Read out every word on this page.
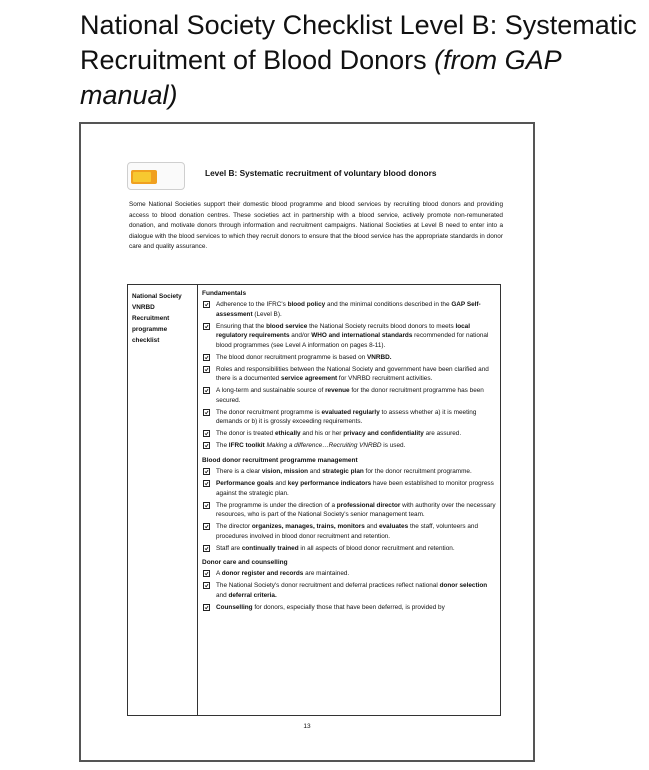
National Society Checklist Level B: Systematic Recruitment of Blood Donors (from GAP manual)
Level B: Systematic recruitment of voluntary blood donors
Some National Societies support their domestic blood programme and blood services by recruiting blood donors and providing access to blood donation centres. These societies act in partnership with a blood service, actively promote non-remunerated donation, and motivate donors through information and recruitment campaigns. National Societies at Level B need to enter into a dialogue with the blood services to which they recruit donors to ensure that the blood service has the appropriate standards in donor care and quality assurance.
National Society
VNRBD
Recruitment
programme
checklist
Fundamentals
Adherence to the IFRC's blood policy and the minimal conditions described in the GAP Self-assessment (Level B).
Ensuring that the blood service the National Society recruits blood donors to meets local regulatory requirements and/or WHO and international standards recommended for national blood programmes (see Level A information on pages 8-11).
The blood donor recruitment programme is based on VNRBD.
Roles and responsibilities between the National Society and government have been clarified and there is a documented service agreement for VNRBD recruitment activities.
A long-term and sustainable source of revenue for the donor recruitment programme has been secured.
The donor recruitment programme is evaluated regularly to assess whether a) it is meeting demands or b) it is grossly exceeding requirements.
The donor is treated ethically and his or her privacy and confidentiality are assured.
The IFRC toolkit Making a difference…Recruiting VNRBD is used.
Blood donor recruitment programme management
There is a clear vision, mission and strategic plan for the donor recruitment programme.
Performance goals and key performance indicators have been established to monitor progress against the strategic plan.
The programme is under the direction of a professional director with authority over the necessary resources, who is part of the National Society's senior management team.
The director organizes, manages, trains, monitors and evaluates the staff, volunteers and procedures involved in blood donor recruitment and retention.
Staff are continually trained in all aspects of blood donor recruitment and retention.
Donor care and counselling
A donor register and records are maintained.
The National Society's donor recruitment and deferral practices reflect national donor selection and deferral criteria.
Counselling for donors, especially those that have been deferred, is provided by
13
